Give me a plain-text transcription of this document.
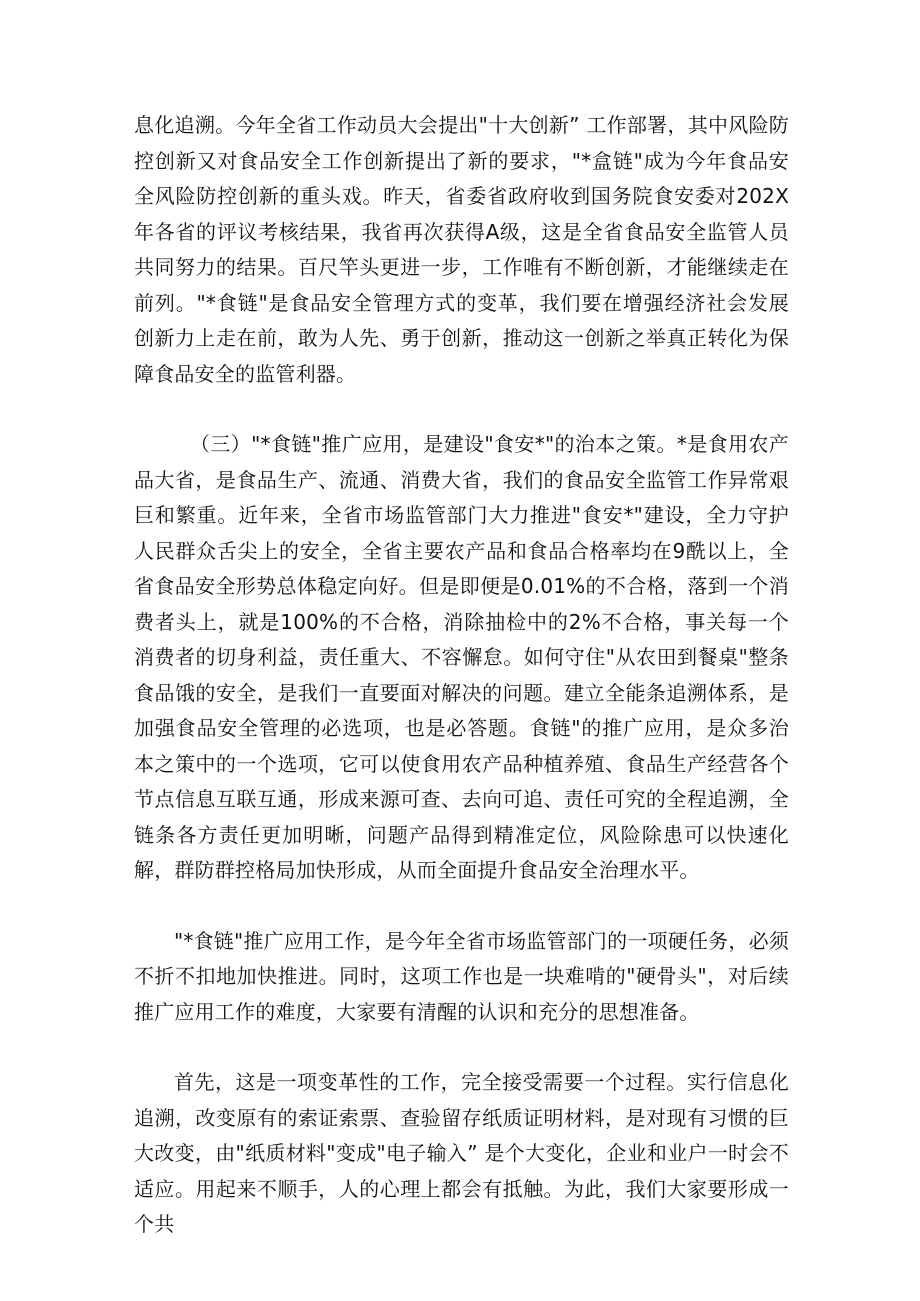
息化追溯。今年全省工作动员大会提出"十大创新” 工作部署，其中风险防控创新又对食品安全工作创新提出了新的要求，"*盒链"成为今年食品安全风险防控创新的重头戏。昨天，省委省政府收到国务院食安委对202X年各省的评议考核结果，我省再次获得A级，这是全省食品安全监管人员共同努力的结果。百尺竿头更进一步，工作唯有不断创新，才能继续走在前列。"*食链"是食品安全管理方式的变革，我们要在增强经济社会发展创新力上走在前，敢为人先、勇于创新，推动这一创新之举真正转化为保障食品安全的监管利器。

（三）"*食链"推广应用，是建设"食安*"的治本之策。*是食用农产品大省，是食品生产、流通、消费大省，我们的食品安全监管工作异常艰巨和繁重。近年来，全省市场监管部门大力推进"食安*"建设，全力守护人民群众舌尖上的安全，全省主要农产品和食品合格率均在9酰以上，全省食品安全形势总体稳定向好。但是即便是0.01%的不合格，落到一个消费者头上，就是100%的不合格，消除抽检中的2%不合格，事关每一个消费者的切身利益，责任重大、不容懈怠。如何守住"从农田到餐桌"整条食品饿的安全，是我们一直要面对解决的问题。建立全能条追溯体系，是加强食品安全管理的必选项，也是必答题。食链"的推广应用，是众多治本之策中的一个选项，它可以使食用农产品种植养殖、食品生产经营各个节点信息互联互通，形成来源可查、去向可追、责任可究的全程追溯，全链条各方责任更加明晰，问题产品得到精准定位，风险除患可以快速化解，群防群控格局加快形成，从而全面提升食品安全治理水平。

"*食链"推广应用工作，是今年全省市场监管部门的一项硬任务，必须不折不扣地加快推进。同时，这项工作也是一块难啃的"硬骨头"，对后续推广应用工作的难度，大家要有清醒的认识和充分的思想准备。

首先，这是一项变革性的工作，完全接受需要一个过程。实行信息化追溯，改变原有的索证索票、查验留存纸质证明材料，是对现有习惯的巨大改变，由"纸质材料"变成"电子输入” 是个大变化，企业和业户一时会不适应。用起来不顺手，人的心理上都会有抵触。为此，我们大家要形成一个共
